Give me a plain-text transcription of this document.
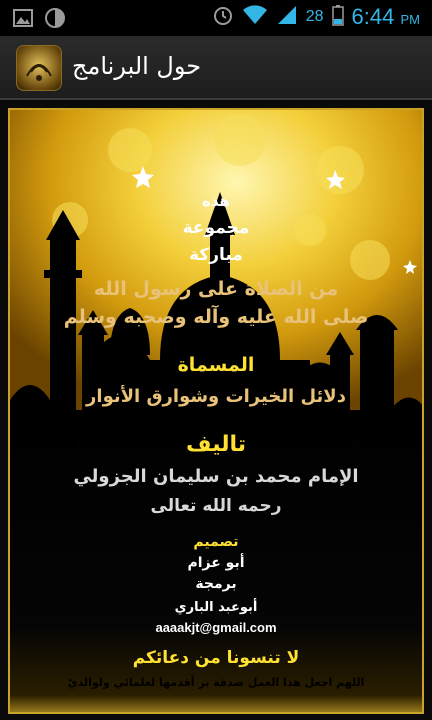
28 6:44 PM
حول البرنامج
هذه
مجموعة
مباركة
من الصلاة على رسول الله
صلى الله عليه وآله وصحبه وسلم
المسماة
دلائل الخيرات وشوارق الأنوار
تاليف
الإمام محمد بن سليمان الجزولي
رحمه الله تعالى
تصميم
أبو عزام
برمجة
أبوعبد الباري
aaaakjt@gmail.com
لا تنسونا من دعائكم
اللهم اجعل هذا العمل صدقة بر أقدمها لعلمائي ولوالديّ
